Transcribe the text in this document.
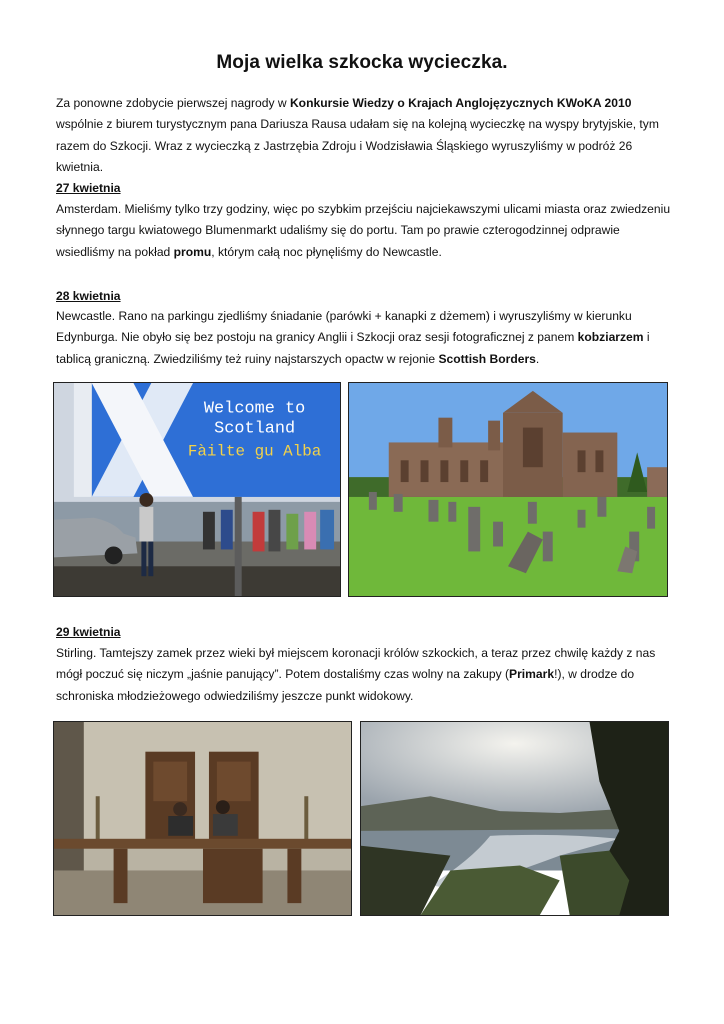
Moja wielka szkocka wycieczka.

Za ponowne zdobycie pierwszej nagrody w Konkursie Wiedzy o Krajach Anglojęzycznych KWoKA 2010 wspólnie z biurem turystycznym pana Dariusza Rausa udałam się na kolejną wycieczkę na wyspy brytyjskie, tym razem do Szkocji. Wraz z wycieczką z Jastrzębia Zdroju i Wodzisławia Śląskiego wyruszyliśmy w podróż 26 kwietnia.

27 kwietnia

Amsterdam. Mieliśmy tylko trzy godziny, więc po szybkim przejściu najciekawszymi ulicami miasta oraz zwiedzeniu słynnego targu kwiatowego Blumenmarkt udaliśmy się do portu. Tam po prawie czterogodzinnej odprawie wsiedliśmy na pokład promu, którym całą noc płynęliśmy do Newcastle.

28 kwietnia

Newcastle. Rano na parkingu zjedliśmy śniadanie (parówki + kanapki z dżemem) i wyruszyliśmy w kierunku Edynburga. Nie obyło się bez postoju na granicy Anglii i Szkocji oraz sesji fotograficznej z panem kobziarzem i tablicą graniczną. Zwiedziliśmy też ruiny najstarszych opactw w rejonie Scottish Borders.

Welcome to
Scotland
Fàilte gu Alba

29 kwietnia

Stirling. Tamtejszy zamek przez wieki był miejscem koronacji królów szkockich, a teraz przez chwilę każdy z nas mógł poczuć się niczym „jaśnie panujący”. Potem dostaliśmy czas wolny na zakupy (Primark!), w drodze do schroniska młodzieżowego odwiedziliśmy jeszcze punkt widokowy.
